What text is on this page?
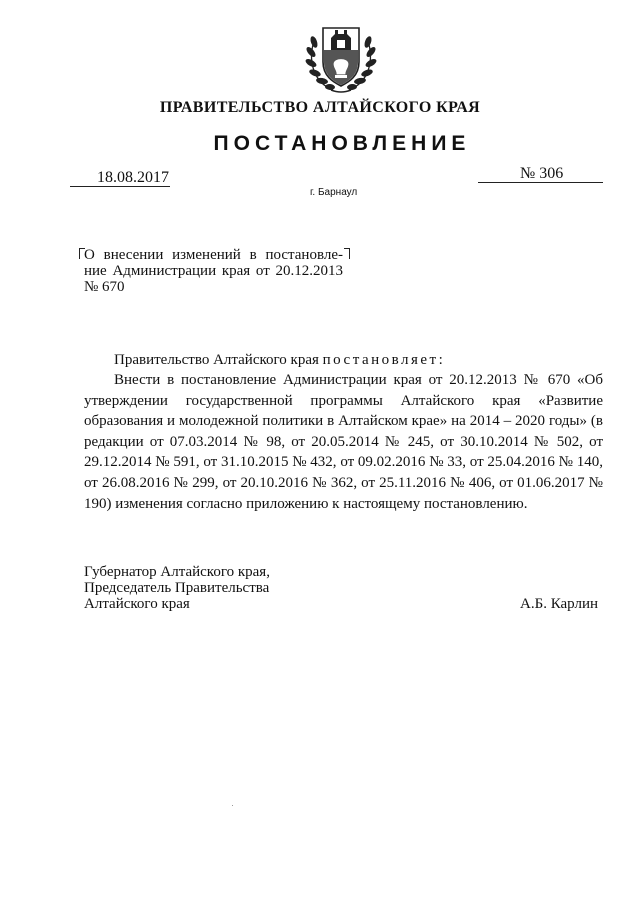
ПРАВИТЕЛЬСТВО АЛТАЙСКОГО КРАЯ
ПОСТАНОВЛЕНИЕ
18.08.2017	№ 306
г. Барнаул
О внесении изменений в постановле-ние Администрации края от 20.12.2013 № 670
Правительство Алтайского края постановляет:

Внести в постановление Администрации края от 20.12.2013 № 670 «Об утверждении государственной программы Алтайского края «Развитие образования и молодежной политики в Алтайском крае» на 2014 – 2020 годы» (в редакции от 07.03.2014 № 98, от 20.05.2014 № 245, от 30.10.2014 № 502, от 29.12.2014 № 591, от 31.10.2015 № 432, от 09.02.2016 № 33, от 25.04.2016 № 140, от 26.08.2016 № 299, от 20.10.2016 № 362, от 25.11.2016 № 406, от 01.06.2017 № 190) изменения согласно приложению к настоящему постановлению.

Губернатор Алтайского края,
Председатель Правительства
Алтайского края	А.Б. Карлин
